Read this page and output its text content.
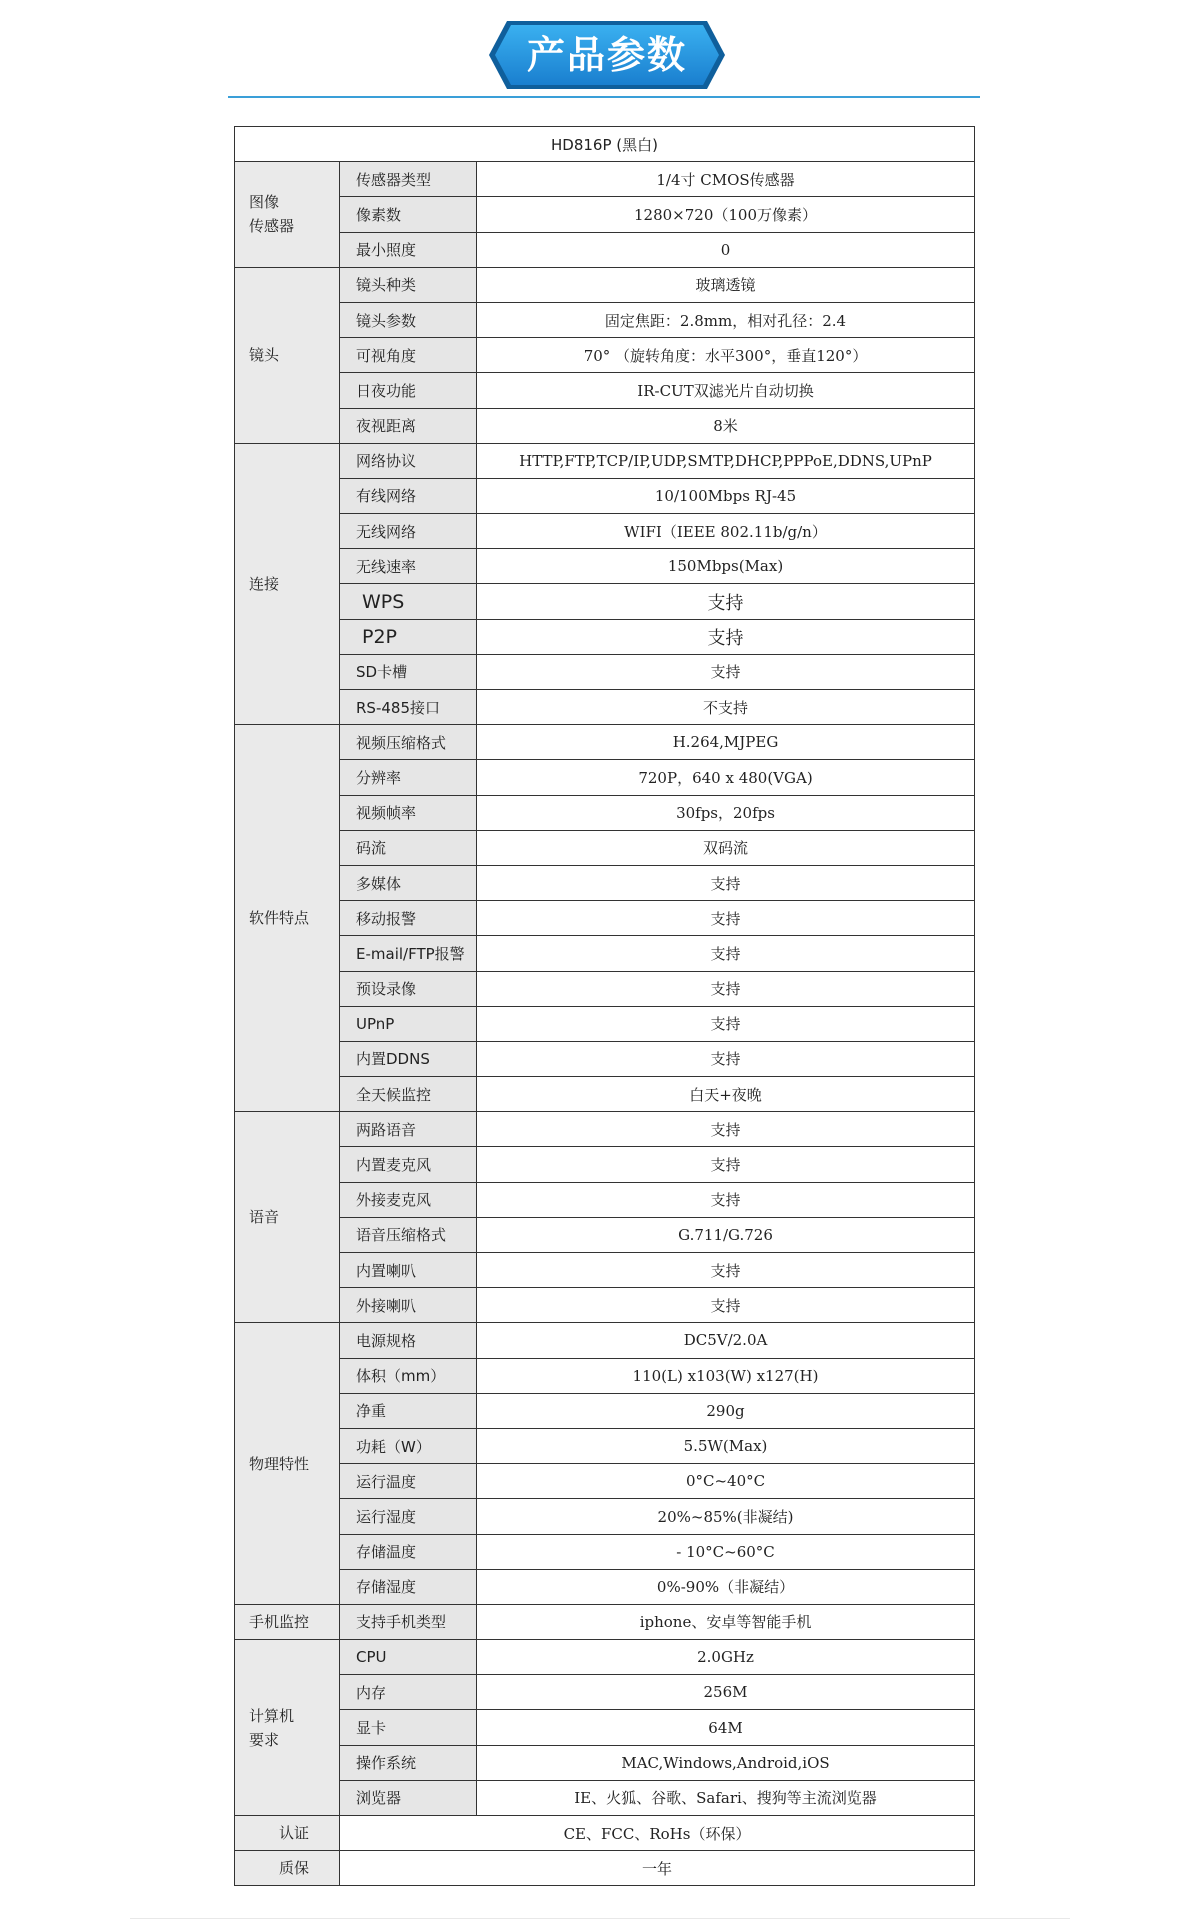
产品参数
HD816P (黑白)		
图像
传感器	传感器类型	1/4寸 CMOS传感器
	像素数	1280×720（100万像素）
	最小照度	0
镜头	镜头种类	玻璃透镜
	镜头参数	固定焦距：2.8mm，相对孔径：2.4
	可视角度	70° （旋转角度：水平300°，垂直120°）
	日夜功能	IR-CUT双滤光片自动切换
	夜视距离	8米
连接	网络协议	HTTP,FTP,TCP/IP,UDP,SMTP,DHCP,PPPoE,DDNS,UPnP
	有线网络	10/100Mbps RJ-45
	无线网络	WIFI（IEEE 802.11b/g/n）
	无线速率	150Mbps(Max)
	WPS	支持
	P2P	支持
	SD卡槽	支持
	RS-485接口	不支持
软件特点	视频压缩格式	H.264,MJPEG
	分辨率	720P，640 x 480(VGA)
	视频帧率	30fps，20fps
	码流	双码流
	多媒体	支持
	移动报警	支持
	E-mail/FTP报警	支持
	预设录像	支持
	UPnP	支持
	内置DDNS	支持
	全天候监控	白天+夜晚
语音	两路语音	支持
	内置麦克风	支持
	外接麦克风	支持
	语音压缩格式	G.711/G.726
	内置喇叭	支持
	外接喇叭	支持
物理特性	电源规格	DC5V/2.0A
	体积（mm）	110(L) x103(W) x127(H)
	净重	290g
	功耗（W）	5.5W(Max)
	运行温度	0°C~40°C
	运行湿度	20%~85%(非凝结)
	存储温度	- 10°C~60°C
	存储湿度	0%-90%（非凝结）
手机监控	支持手机类型	iphone、安卓等智能手机
计算机
要求	CPU	2.0GHz
	内存	256M
	显卡	64M
	操作系统	MAC,Windows,Android,iOS
	浏览器	IE、火狐、谷歌、Safari、搜狗等主流浏览器
认证	CE、FCC、RoHs（环保）	
质保	一年	
